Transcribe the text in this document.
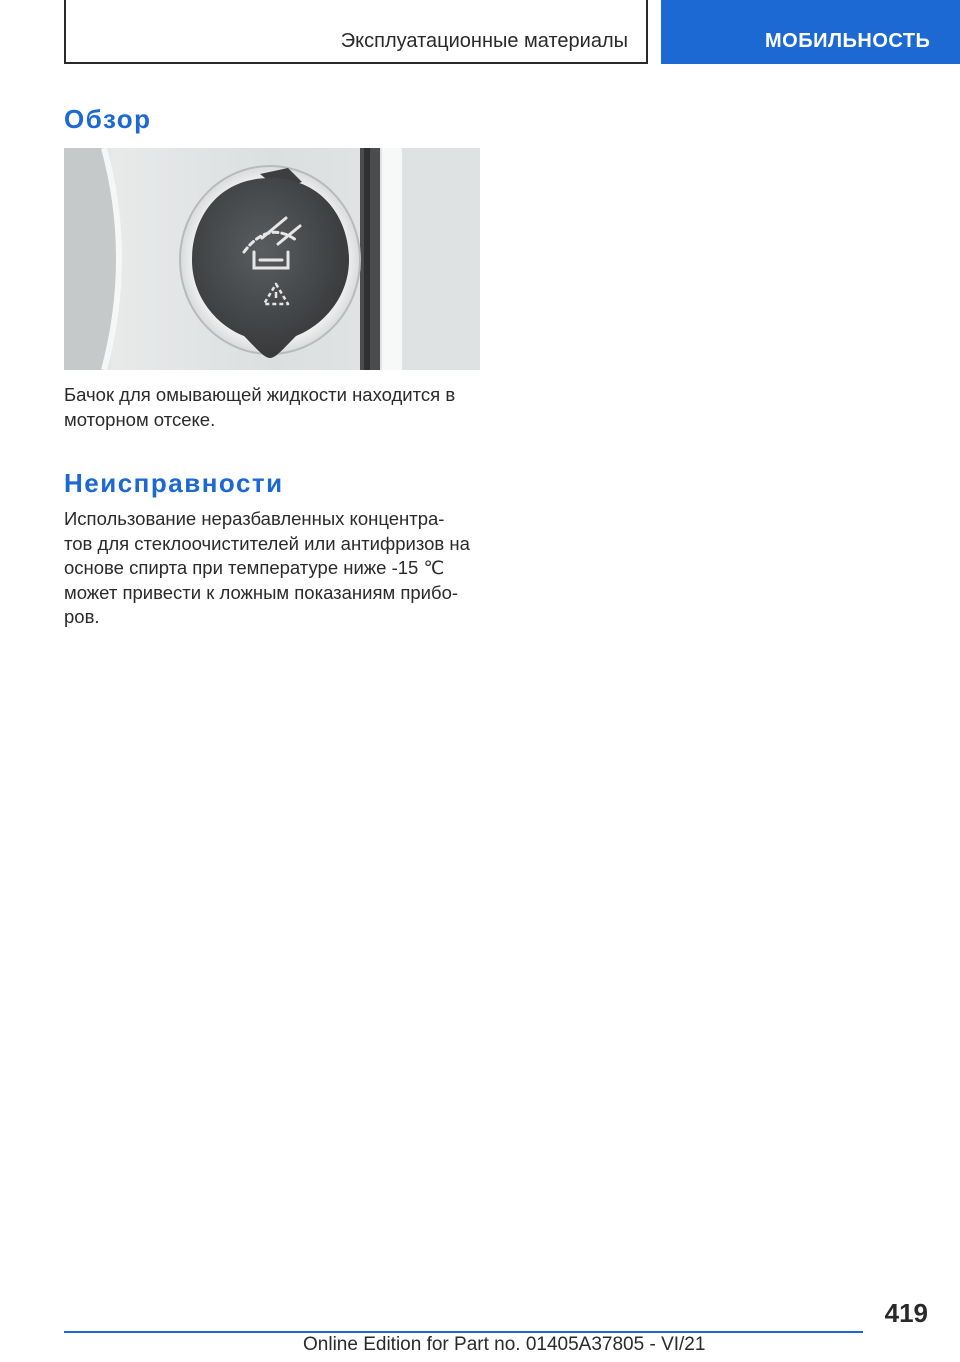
Эксплуатационные материалы	МОБИЛЬНОСТЬ
Обзор

Бачок для омывающей жидкости находится в
моторном отсеке.

Неисправности

Использование неразбавленных концентра‐
тов для стеклоочистителей или антифризов на
основе спирта при температуре ниже -15 ℃
может привести к ложным показаниям прибо‐
ров.

419
Online Edition for Part no. 01405A37805 - VI/21
